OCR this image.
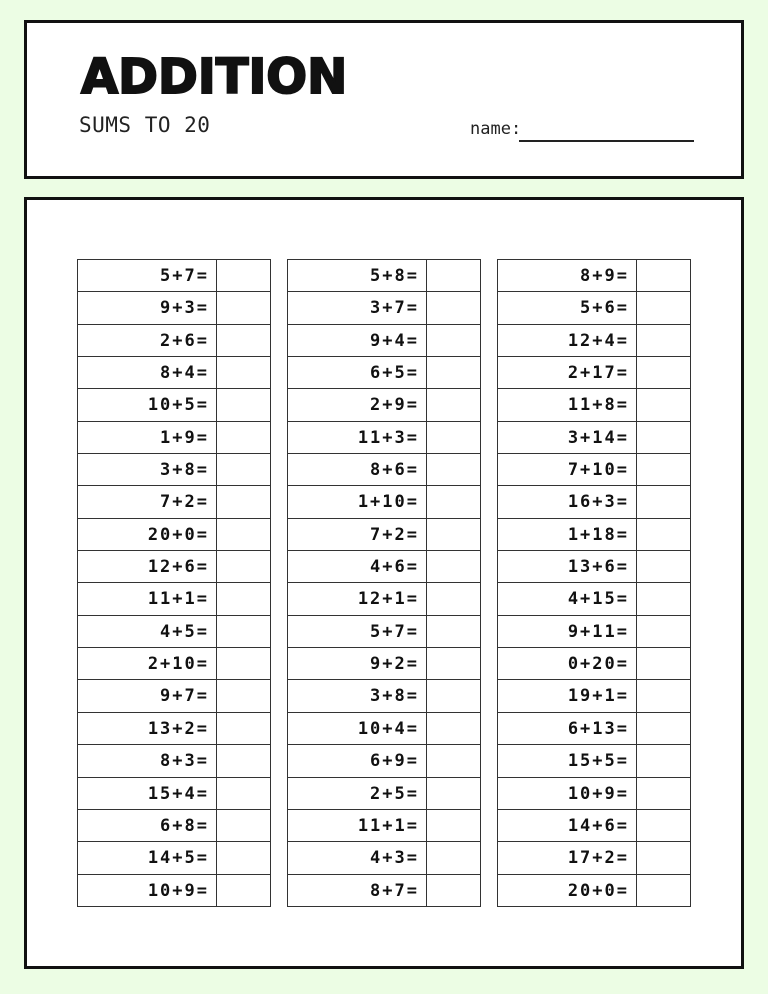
ADDITION
SUMS TO 20	name:
5+7=
9+3=
2+6=
8+4=
10+5=
1+9=
3+8=
7+2=
20+0=
12+6=
11+1=
4+5=
2+10=
9+7=
13+2=
8+3=
15+4=
6+8=
14+5=
10+9=
5+8=
3+7=
9+4=
6+5=
2+9=
11+3=
8+6=
1+10=
7+2=
4+6=
12+1=
5+7=
9+2=
3+8=
10+4=
6+9=
2+5=
11+1=
4+3=
8+7=
8+9=
5+6=
12+4=
2+17=
11+8=
3+14=
7+10=
16+3=
1+18=
13+6=
4+15=
9+11=
0+20=
19+1=
6+13=
15+5=
10+9=
14+6=
17+2=
20+0=
